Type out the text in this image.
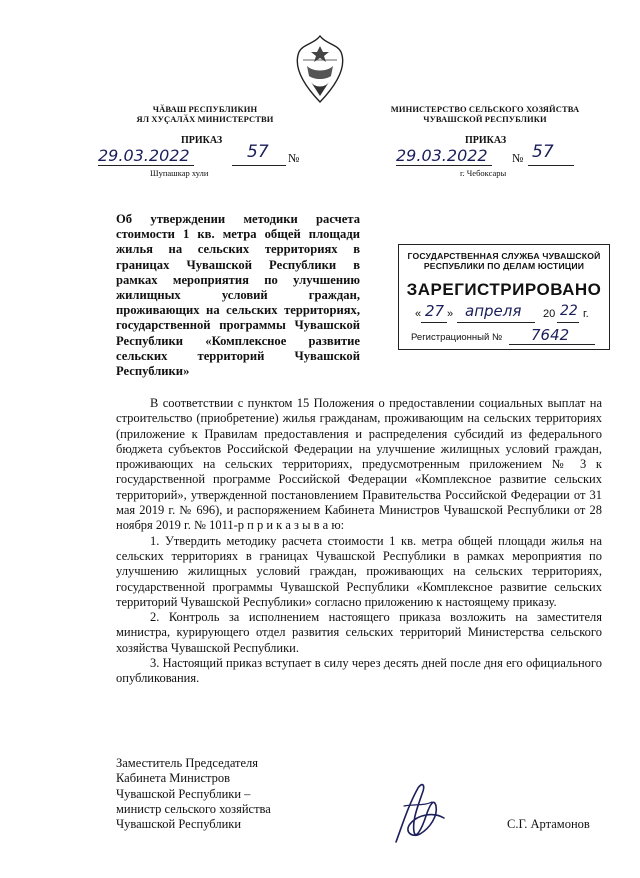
ЧӐВАШ РЕСПУБЛИКИН
ЯЛ ХУҪАЛӐХ МИНИСТЕРСТВИ
МИНИСТЕРСТВО СЕЛЬСКОГО ХОЗЯЙСТВА
ЧУВАШСКОЙ РЕСПУБЛИКИ
ПРИКАЗ	ПРИКАЗ
29.03.2022	57 №
Шупашкар хули
29.03.2022 № 57
г. Чебоксары
Об утверждении методики расчета стоимости 1 кв. метра общей площади жилья на сельских территориях в границах Чувашской Республики в рамках мероприятия по улучшению жилищных условий граждан, проживающих на сельских территориях, государственной программы Чувашской Республики «Комплексное развитие сельских территорий Чувашской Республики»
ГОСУДАРСТВЕННАЯ СЛУЖБА ЧУВАШСКОЙ
РЕСПУБЛИКИ ПО ДЕЛАМ ЮСТИЦИИ
ЗАРЕГИСТРИРОВАНО
« 27 » апреля 20 22 г.
Регистрационный № 7642

В соответствии с пунктом 15 Положения о предоставлении социальных выплат на строительство (приобретение) жилья гражданам, проживающим на сельских территориях (приложение к Правилам предоставления и распределения субсидий из федерального бюджета субъектов Российской Федерации на улучшение жилищных условий граждан, проживающих на сельских территориях, предусмотренным приложением № 3 к государственной программе Российской Федерации «Комплексное развитие сельских территорий», утвержденной постановлением Правительства Российской Федерации от 31 мая 2019 г. № 696), и распоряжением Кабинета Министров Чувашской Республики от 28 ноября 2019 г. № 1011-р п р и к а з ы в а ю:

1. Утвердить методику расчета стоимости 1 кв. метра общей площади жилья на сельских территориях в границах Чувашской Республики в рамках мероприятия по улучшению жилищных условий граждан, проживающих на сельских территориях, государственной программы Чувашской Республики «Комплексное развитие сельских территорий Чувашской Республики» согласно приложению к настоящему приказу.

2. Контроль за исполнением настоящего приказа возложить на заместителя министра, курирующего отдел развития сельских территорий Министерства сельского хозяйства Чувашской Республики.

3. Настоящий приказ вступает в силу через десять дней после дня его официального опубликования.

Заместитель Председателя
Кабинета Министров
Чувашской Республики –
министр сельского хозяйства
Чувашской Республики	С.Г. Артамонов
